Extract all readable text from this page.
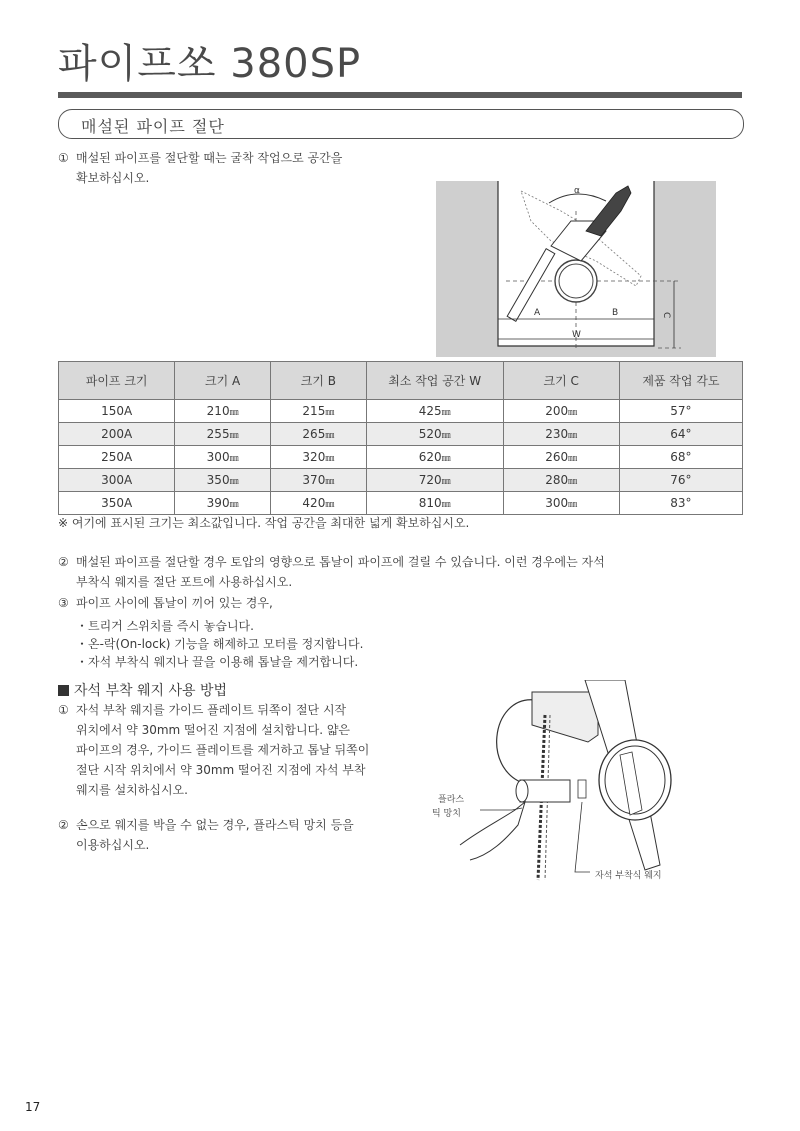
파이프쏘 380SP
매설된 파이프 절단
① 매설된 파이프를 절단할 때는 굴착 작업으로 공간을
확보하십시오.
α
A	B
W
C
파이프 크기	크기 A	크기 B	최소 작업 공간 W	크기 C	제품 작업 각도
150A	210㎜	215㎜	425㎜	200㎜	57°
200A	255㎜	265㎜	520㎜	230㎜	64°
250A	300㎜	320㎜	620㎜	260㎜	68°
300A	350㎜	370㎜	720㎜	280㎜	76°
350A	390㎜	420㎜	810㎜	300㎜	83°
※ 여기에 표시된 크기는 최소값입니다. 작업 공간을 최대한 넓게 확보하십시오.
② 매설된 파이프를 절단할 경우 토압의 영향으로 톱날이 파이프에 걸릴 수 있습니다. 이런 경우에는 자석
부착식 웨지를 절단 포트에 사용하십시오.
③ 파이프 사이에 톱날이 끼어 있는 경우,
・트리거 스위치를 즉시 놓습니다.
・온-락(On-lock) 기능을 해제하고 모터를 정지합니다.
・자석 부착식 웨지나 끌을 이용해 톱날을 제거합니다.
자석 부착 웨지 사용 방법
① 자석 부착 웨지를 가이드 플레이트 뒤쪽이 절단 시작
위치에서 약 30mm 떨어진 지점에 설치합니다. 얇은
파이프의 경우, 가이드 플레이트를 제거하고 톱날 뒤쪽이
절단 시작 위치에서 약 30mm 떨어진 지점에 자석 부착
웨지를 설치하십시오.
② 손으로 웨지를 박을 수 없는 경우, 플라스틱 망치 등을
이용하십시오.
플라스
틱 망치
자석 부착식 웨지
17
